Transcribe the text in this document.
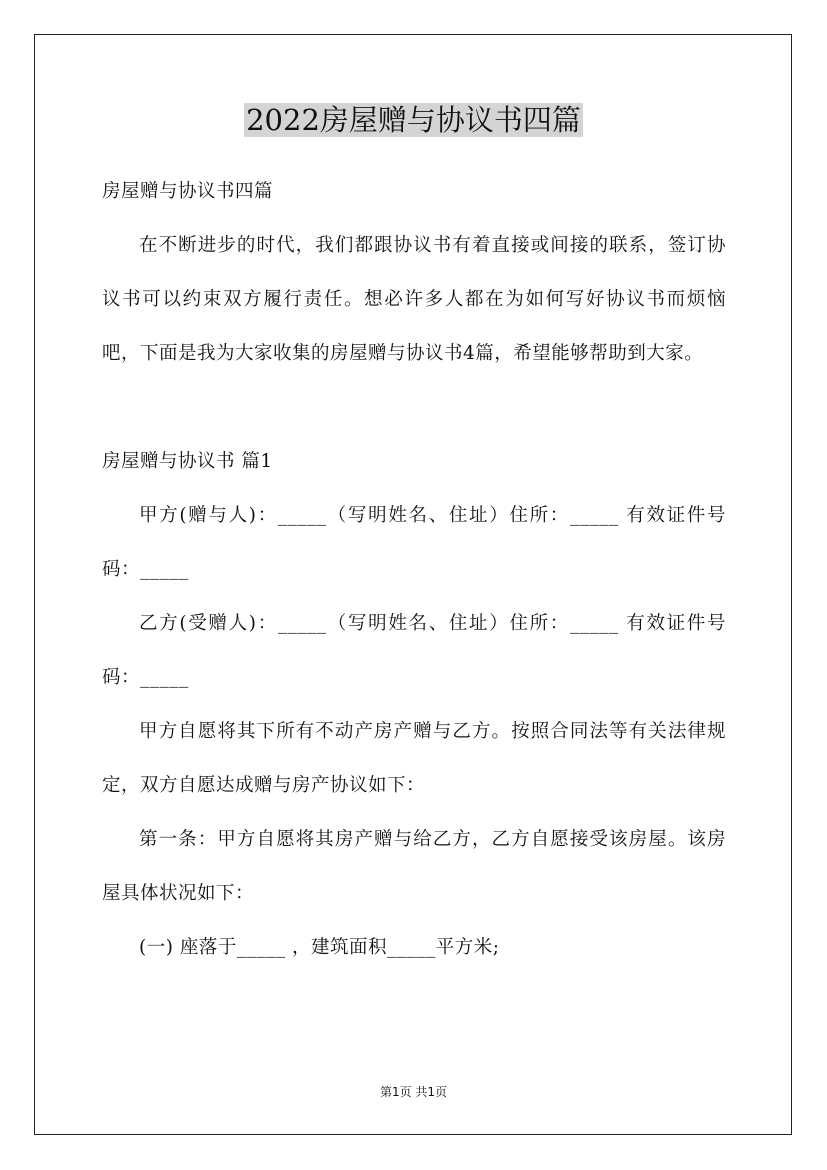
2022房屋赠与协议书四篇

房屋赠与协议书四篇

在不断进步的时代，我们都跟协议书有着直接或间接的联系，签订协议书可以约束双方履行责任。想必许多人都在为如何写好协议书而烦恼吧，下面是我为大家收集的房屋赠与协议书4篇，希望能够帮助到大家。

房屋赠与协议书 篇1

甲方(赠与人)：_____（写明姓名、住址）住所：_____ 有效证件号码：_____

乙方(受赠人)：_____（写明姓名、住址）住所：_____ 有效证件号码：_____

甲方自愿将其下所有不动产房产赠与乙方。按照合同法等有关法律规定，双方自愿达成赠与房产协议如下：

第一条：甲方自愿将其房产赠与给乙方，乙方自愿接受该房屋。该房屋具体状况如下：

(一) 座落于_____ ，建筑面积_____平方米;

第1页 共1页
